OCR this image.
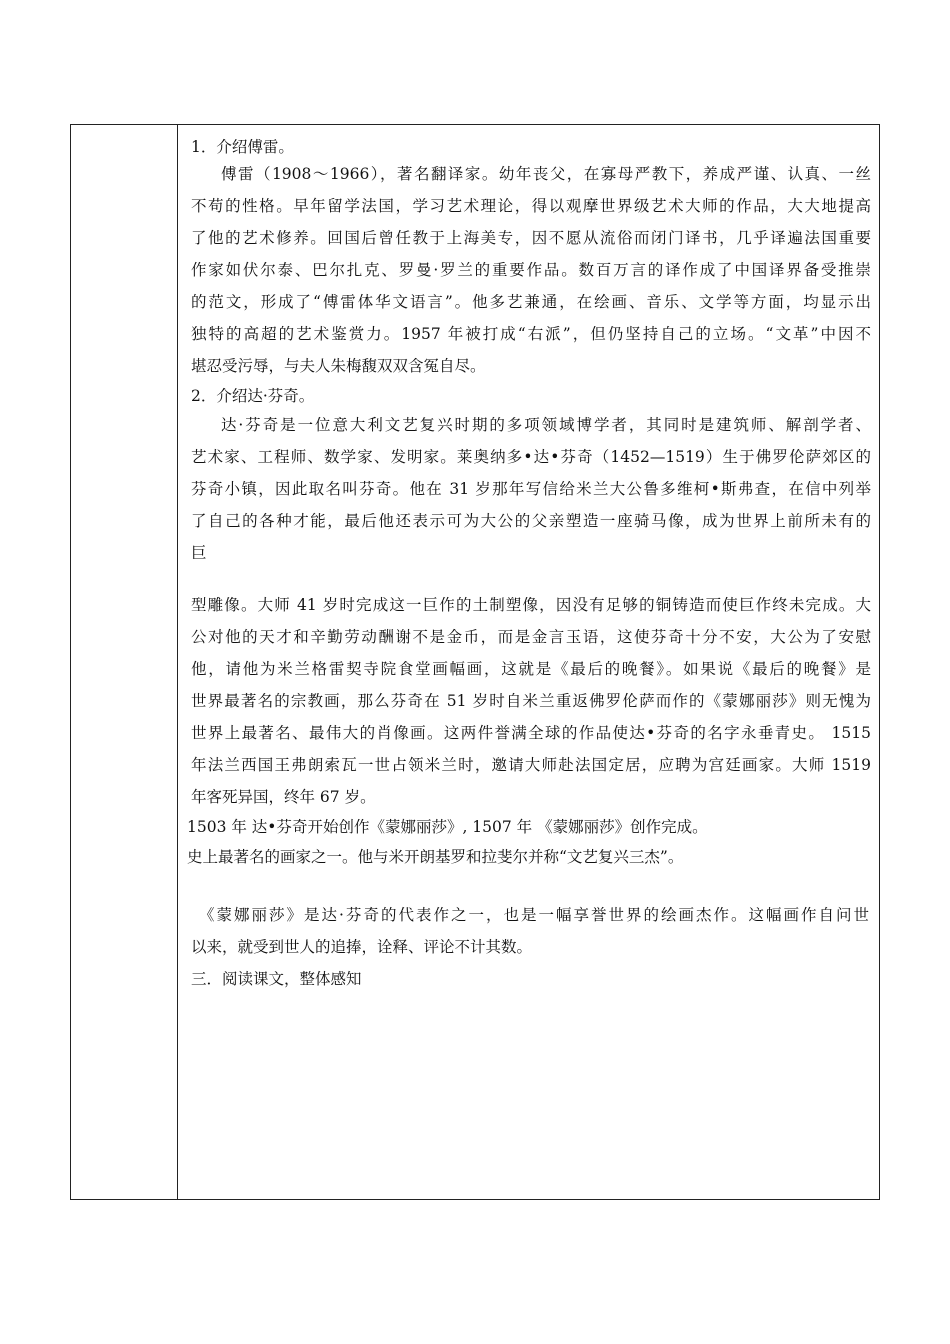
1．介绍傅雷。
傅雷（1908～1966），著名翻译家。幼年丧父，在寡母严教下，养成严谨、认真、一丝
不苟的性格。早年留学法国，学习艺术理论，得以观摩世界级艺术大师的作品，大大地提高
了他的艺术修养。回国后曾任教于上海美专，因不愿从流俗而闭门译书，几乎译遍法国重要
作家如伏尔泰、巴尔扎克、罗曼·罗兰的重要作品。数百万言的译作成了中国译界备受推崇
的范文，形成了“傅雷体华文语言”。他多艺兼通，在绘画、音乐、文学等方面，均显示出
独特的高超的艺术鉴赏力。1957 年被打成“右派”，但仍坚持自己的立场。“文革”中因不
堪忍受污辱，与夫人朱梅馥双双含冤自尽。
2．介绍达·芬奇。
达·芬奇是一位意大利文艺复兴时期的多项领域博学者，其同时是建筑师、解剖学者、
艺术家、工程师、数学家、发明家。莱奥纳多•达•芬奇（1452—1519）生于佛罗伦萨郊区的
芬奇小镇，因此取名叫芬奇。他在 31 岁那年写信给米兰大公鲁多维柯•斯弗查，在信中列举
了自己的各种才能，最后他还表示可为大公的父亲塑造一座骑马像，成为世界上前所未有的
巨
型雕像。大师 41 岁时完成这一巨作的土制塑像，因没有足够的铜铸造而使巨作终未完成。大
公对他的天才和辛勤劳动酬谢不是金币，而是金言玉语，这使芬奇十分不安，大公为了安慰
他，请他为米兰格雷契寺院食堂画幅画，这就是《最后的晚餐》。如果说《最后的晚餐》是
世界最著名的宗教画，那么芬奇在 51 岁时自米兰重返佛罗伦萨而作的《蒙娜丽莎》则无愧为
世界上最著名、最伟大的肖像画。这两件誉满全球的作品使达•芬奇的名字永垂青史。 1515
年法兰西国王弗朗索瓦一世占领米兰时，邀请大师赴法国定居，应聘为宫廷画家。大师 1519
年客死异国，终年 67 岁。
1503 年 达•芬奇开始创作《蒙娜丽莎》, 1507 年 《蒙娜丽莎》创作完成。
史上最著名的画家之一。他与米开朗基罗和拉斐尔并称“文艺复兴三杰”。
《蒙娜丽莎》是达·芬奇的代表作之一，也是一幅享誉世界的绘画杰作。这幅画作自问世
以来，就受到世人的追捧，诠释、评论不计其数。
三．阅读课文，整体感知
